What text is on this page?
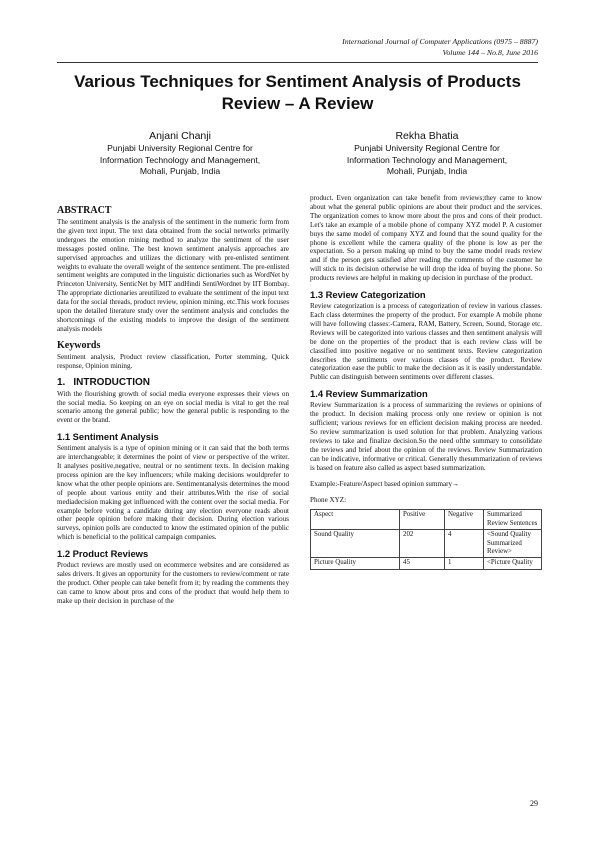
International Journal of Computer Applications (0975 – 8887)
Volume 144 – No.8, June 2016
Various Techniques for Sentiment Analysis of Products
Review – A Review
Anjani Chanji
Punjabi University Regional Centre for
Information Technology and Management,
Mohali, Punjab, India
Rekha Bhatia
Punjabi University Regional Centre for
Information Technology and Management,
Mohali, Punjab, India
ABSTRACT

The sentiment analysis is the analysis of the sentiment in the numeric form from the given text input. The text data obtained from the social networks primarily undergoes the emotion mining method to analyze the sentiment of the user messages posted online. The best known sentiment analysis approaches are supervised approaches and utilizes the dictionary with pre-enlisted sentiment weights to evaluate the overall weight of the sentence sentiment. The pre-enlisted sentiment weights are computed in the linguistic dictionaries such as WordNet by Princeton University, SenticNet by MIT andHindi SentiWordnet by IIT Bombay. The appropriate dictionaries areutilized to evaluate the sentiment of the input text data for the social threads, product review, opinion mining, etc.This work focuses upon the detailed literature study over the sentiment analysis and concludes the shortcomings of the existing models to improve the design of the sentiment analysis models

Keywords

Sentiment analysis, Product review classification, Porter stemming, Quick response, Opinion mining.

1. INTRODUCTION

With the flourishing growth of social media everyone expresses their views on the social media. So keeping on an eye on social media is vital to get the real scenario among the general public; how the general public is responding to the event or the brand.

1.1 Sentiment Analysis

Sentiment analysis is a type of opinion mining or it can said that the both terms are interchangeable; it determines the point of view or perspective of the writer. It analyses positive,negative, neutral or no sentiment texts. In decision making process opinion are the key influencers; while making decisions wouldprefer to know what the other people opinions are. Sentimentanalysis determines the mood of people about various entity and their attributes.With the rise of social mediadecision making get influenced with the content over the social media. For example before voting a candidate during any election everyone reads about other people opinion before making their decision. During election various surveys, opinion polls are conducted to know the estimated opinion of the public which is beneficial to the political campaign companies.

1.2 Product Reviews

Product reviews are mostly used on ecommerce websites and are considered as sales drivers. It gives an opportunity for the customers to review/comment or rate the product. Other people can take benefit from it; by reading the comments they can came to know about pros and cons of the product that would help them to make up their decision in purchase of the

product. Even organization can take benefit from reviews;they came to know about what the general public opinions are about their product and the services. The organization comes to know more about the pros and cons of their product. Let's take an example of a mobile phone of company XYZ model P. A customer buys the same model of company XYZ and found that the sound quality for the phone is excellent while the camera quality of the phone is low as per the expectation. So a person making up mind to buy the same model reads review and if the person gets satisfied after reading the comments of the customer he will stick to its decision otherwise he will drop the idea of buying the phone. So products reviews are helpful in making up decision in purchase of the product.

1.3 Review Categorization

Review categorization is a process of categorization of review in various classes. Each class determines the property of the product. For example A mobile phone will have following classes:-Camera, RAM, Battery, Screen, Sound, Storage etc. Reviews will be categorized into various classes and then sentiment analysis will be done on the properties of the product that is each review class will be classified into positive negative or no sentiment texts. Review categorization describes the sentiments over various classes of the product. Review categorization ease the public to make the decision as it is easily understandable. Public can distinguish between sentiments over different classes.

1.4 Review Summarization

Review Summarization is a process of summarizing the reviews or opinions of the product. In decision making process only one review or opinion is not sufficient; various reviews for en efficient decision making process are needed. So review summarization is used solution for that problem. Analyzing various reviews to take and finalize decision.So the need ofthe summary to consolidate the reviews and brief about the opinion of the reviews. Review Summarization can be indicative, informative or critical. Generally thesummarization of reviews is based on feature also called as aspect based summarization.

Example:-Feature/Aspect based opinion summary→

Phone XYZ:

Aspect	Positive	Negative	Summarized Review Sentences
Sound Quality	202	4	<Sound Quality Summarized Review>
Picture Quality	45	1	<Picture Quality
29
